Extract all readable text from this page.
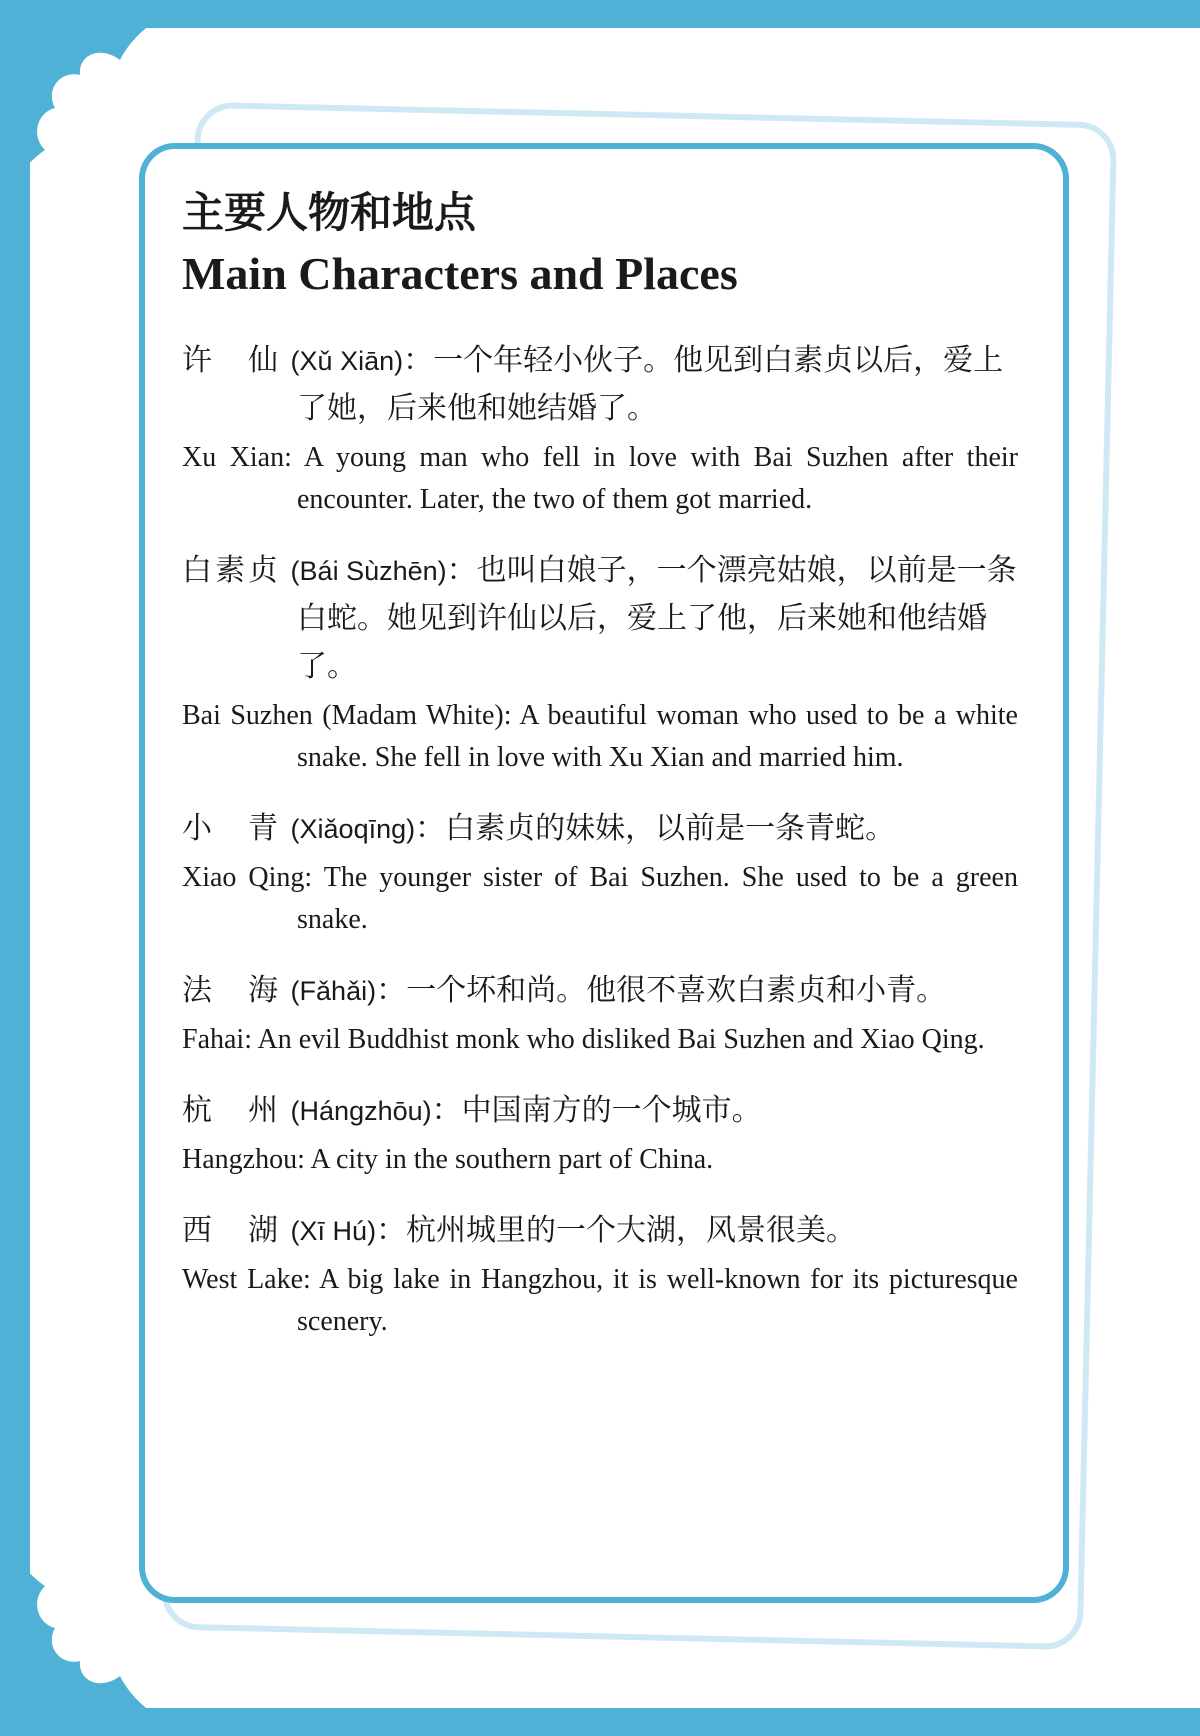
主要人物和地点
Main Characters and Places
许　仙 (Xǔ Xiān)：一个年轻小伙子。他见到白素贞以后，爱上了她，后来他和她结婚了。
Xu Xian: A young man who fell in love with Bai Suzhen after their encounter. Later, the two of them got married.
白素贞 (Bái Sùzhēn)：也叫白娘子，一个漂亮姑娘，以前是一条白蛇。她见到许仙以后，爱上了他，后来她和他结婚了。
Bai Suzhen (Madam White): A beautiful woman who used to be a white snake. She fell in love with Xu Xian and married him.
小　青 (Xiǎoqīng)：白素贞的妹妹，以前是一条青蛇。
Xiao Qing: The younger sister of Bai Suzhen. She used to be a green snake.
法　海 (Fǎhǎi)：一个坏和尚。他很不喜欢白素贞和小青。
Fahai: An evil Buddhist monk who disliked Bai Suzhen and Xiao Qing.
杭　州 (Hángzhōu)：中国南方的一个城市。
Hangzhou: A city in the southern part of China.
西　湖 (Xī Hú)：杭州城里的一个大湖，风景很美。
West Lake: A big lake in Hangzhou, it is well-known for its picturesque scenery.
